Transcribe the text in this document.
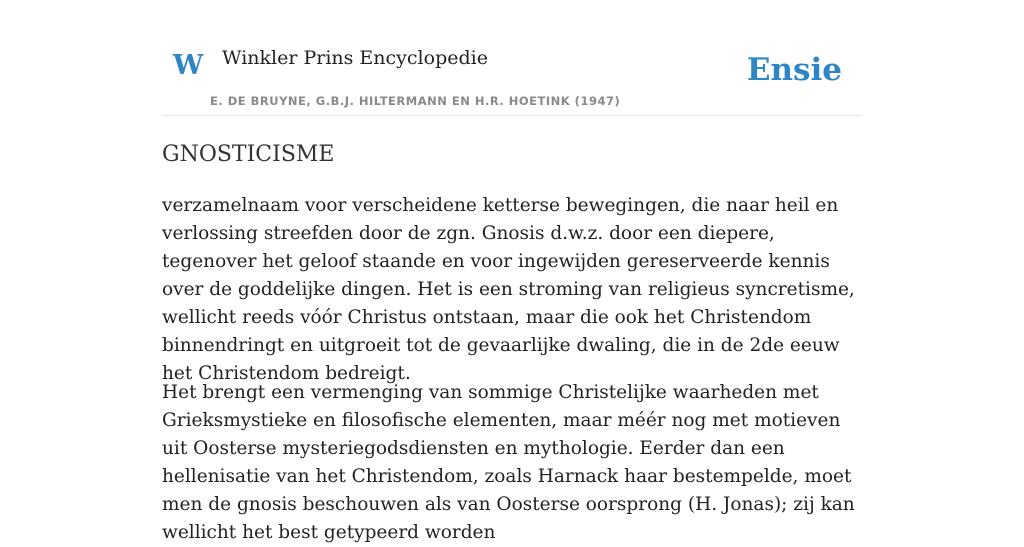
W Winkler Prins Encyclopedie
E. DE BRUYNE, G.B.J. HILTERMANN EN H.R. HOETINK (1947)
Ensie
GNOSTICISME

verzamelnaam voor verscheidene ketterse bewegingen, die naar heil en verlossing streefden door de zgn. Gnosis d.w.z. door een diepere, tegenover het geloof staande en voor ingewijden gereserveerde kennis over de goddelijke dingen. Het is een stroming van religieus syncretisme, wellicht reeds vóór Christus ontstaan, maar die ook het Christendom binnendringt en uitgroeit tot de gevaarlijke dwaling, die in de 2de eeuw het Christendom bedreigt.

Het brengt een vermenging van sommige Christelijke waarheden met Grieksmystieke en filosofische elementen, maar méér nog met motieven uit Oosterse mysteriegodsdiensten en mythologie. Eerder dan een hellenisatie van het Christendom, zoals Harnack haar bestempelde, moet men de gnosis beschouwen als van Oosterse oorsprong (H. Jonas); zij kan wellicht het best getypeerd worden
